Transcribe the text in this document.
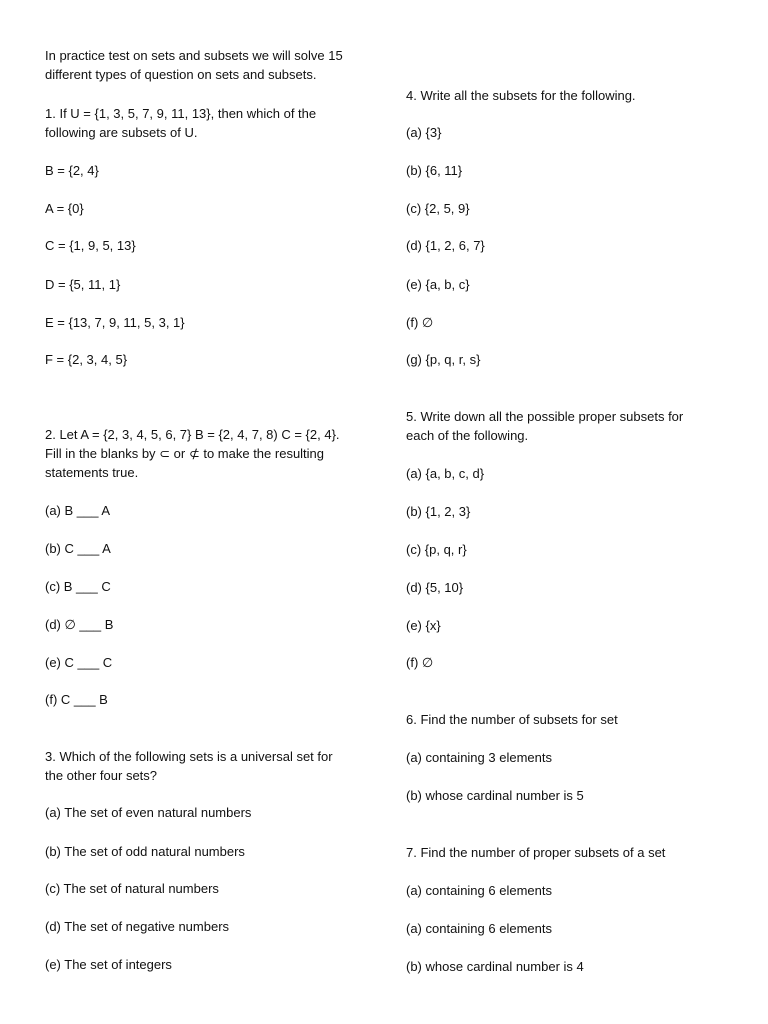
In practice test on sets and subsets we will solve 15
different types of question on sets and subsets.
1. If U = {1, 3, 5, 7, 9, 11, 13}, then which of the
following are subsets of U.
B = {2, 4}
A = {0}
C = {1, 9, 5, 13}
D = {5, 11, 1}
E = {13, 7, 9, 11, 5, 3, 1}
F = {2, 3, 4, 5}
2. Let A = {2, 3, 4, 5, 6, 7} B = {2, 4, 7, 8) C = {2, 4}.
Fill in the blanks by ⊂ or ⊄ to make the resulting
statements true.
(a) B ___ A
(b) C ___ A
(c) B ___ C
(d) ∅ ___ B
(e) C ___ C
(f) C ___ B
3. Which of the following sets is a universal set for
the other four sets?
(a) The set of even natural numbers
(b) The set of odd natural numbers
(c) The set of natural numbers
(d) The set of negative numbers
(e) The set of integers
4. Write all the subsets for the following.
(a) {3}
(b) {6, 11}
(c) {2, 5, 9}
(d) {1, 2, 6, 7}
(e) {a, b, c}
(f) ∅
(g) {p, q, r, s}
5. Write down all the possible proper subsets for
each of the following.
(a) {a, b, c, d}
(b) {1, 2, 3}
(c) {p, q, r}
(d) {5, 10}
(e) {x}
(f) ∅
6. Find the number of subsets for set
(a) containing 3 elements
(b) whose cardinal number is 5
7. Find the number of proper subsets of a set
(a) containing 6 elements
(a) containing 6 elements
(b) whose cardinal number is 4
